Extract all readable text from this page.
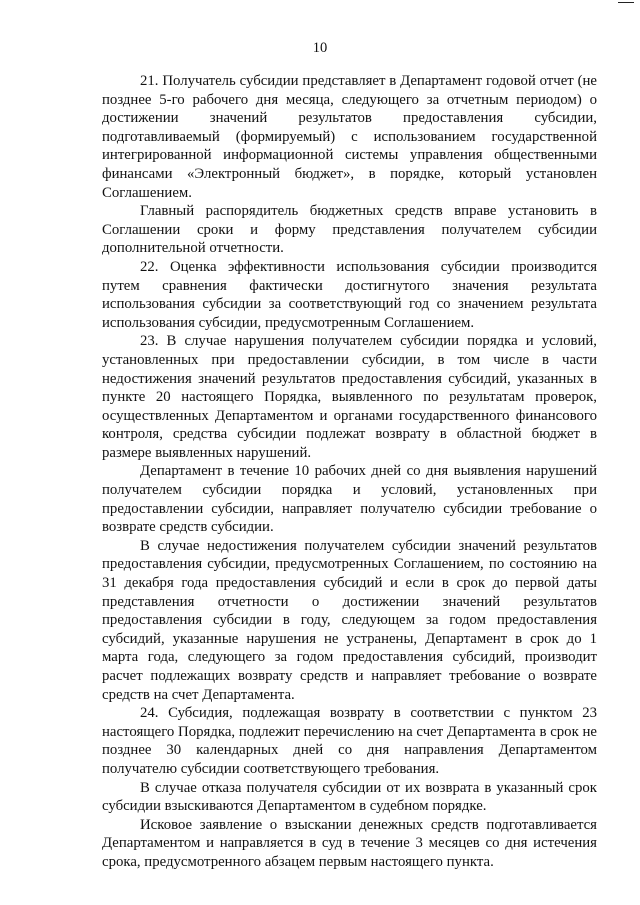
10

21. Получатель субсидии представляет в Департамент годовой отчет (не позднее 5-го рабочего дня месяца, следующего за отчетным периодом) о достижении значений результатов предоставления субсидии, подготавливаемый (формируемый) с использованием государственной интегрированной информационной системы управления общественными финансами «Электронный бюджет», в порядке, который установлен Соглашением.

Главный распорядитель бюджетных средств вправе установить в Соглашении сроки и форму представления получателем субсидии дополнительной отчетности.

22. Оценка эффективности использования субсидии производится путем сравнения фактически достигнутого значения результата использования субсидии за соответствующий год со значением результата использования субсидии, предусмотренным Соглашением.

23. В случае нарушения получателем субсидии порядка и условий, установленных при предоставлении субсидии, в том числе в части недостижения значений результатов предоставления субсидий, указанных в пункте 20 настоящего Порядка, выявленного по результатам проверок, осуществленных Департаментом и органами государственного финансового контроля, средства субсидии подлежат возврату в областной бюджет в размере выявленных нарушений.

Департамент в течение 10 рабочих дней со дня выявления нарушений получателем субсидии порядка и условий, установленных при предоставлении субсидии, направляет получателю субсидии требование о возврате средств субсидии.

В случае недостижения получателем субсидии значений результатов предоставления субсидии, предусмотренных Соглашением, по состоянию на 31 декабря года предоставления субсидий и если в срок до первой даты представления отчетности о достижении значений результатов предоставления субсидии в году, следующем за годом предоставления субсидий, указанные нарушения не устранены, Департамент в срок до 1 марта года, следующего за годом предоставления субсидий, производит расчет подлежащих возврату средств и направляет требование о возврате средств на счет Департамента.

24. Субсидия, подлежащая возврату в соответствии с пунктом 23 настоящего Порядка, подлежит перечислению на счет Департамента в срок не позднее 30 календарных дней со дня направления Департаментом получателю субсидии соответствующего требования.

В случае отказа получателя субсидии от их возврата в указанный срок субсидии взыскиваются Департаментом в судебном порядке.

Исковое заявление о взыскании денежных средств подготавливается Департаментом и направляется в суд в течение 3 месяцев со дня истечения срока, предусмотренного абзацем первым настоящего пункта.
